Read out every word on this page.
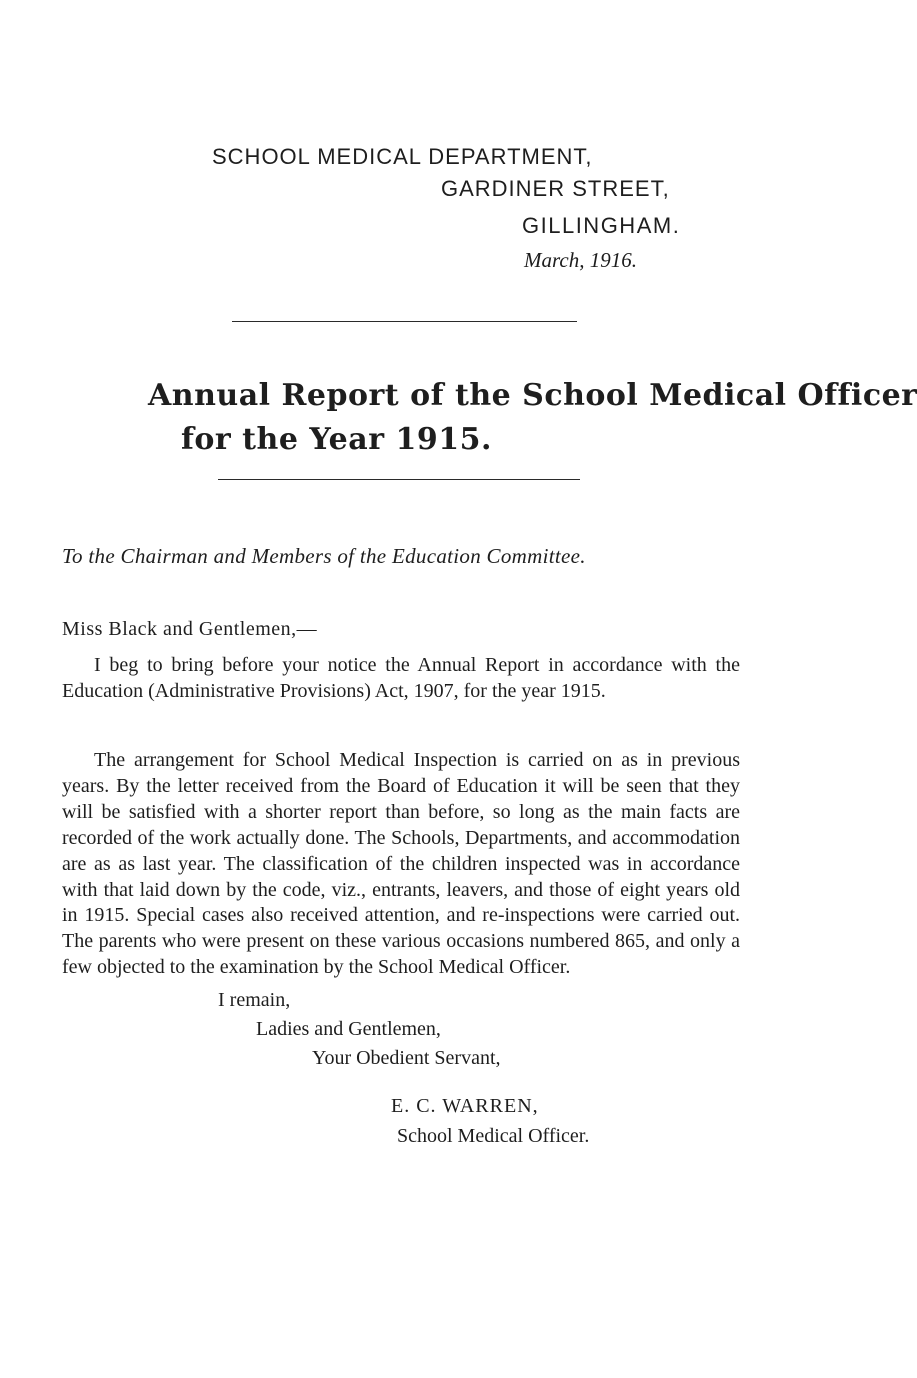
SCHOOL MEDICAL DEPARTMENT,
GARDINER STREET,
GILLINGHAM.
March, 1916.
Annual Report of the School Medical Officer
for the Year 1915.
To the Chairman and Members of the Education Committee.
Miss Black and Gentlemen,—

I beg to bring before your notice the Annual Report in accordance with the Education (Administrative Provisions) Act, 1907, for the year 1915.

The arrangement for School Medical Inspection is carried on as in previous years. By the letter received from the Board of Education it will be seen that they will be satisfied with a shorter report than before, so long as the main facts are recorded of the work actually done. The Schools, Departments, and accommodation are as as last year. The classification of the children inspected was in accordance with that laid down by the code, viz., entrants, leavers, and those of eight years old in 1915. Special cases also received attention, and re-inspections were carried out. The parents who were present on these various occasions numbered 865, and only a few objected to the examination by the School Medical Officer.

I remain,
Ladies and Gentlemen,
Your Obedient Servant,
E. C. WARREN,
School Medical Officer.
